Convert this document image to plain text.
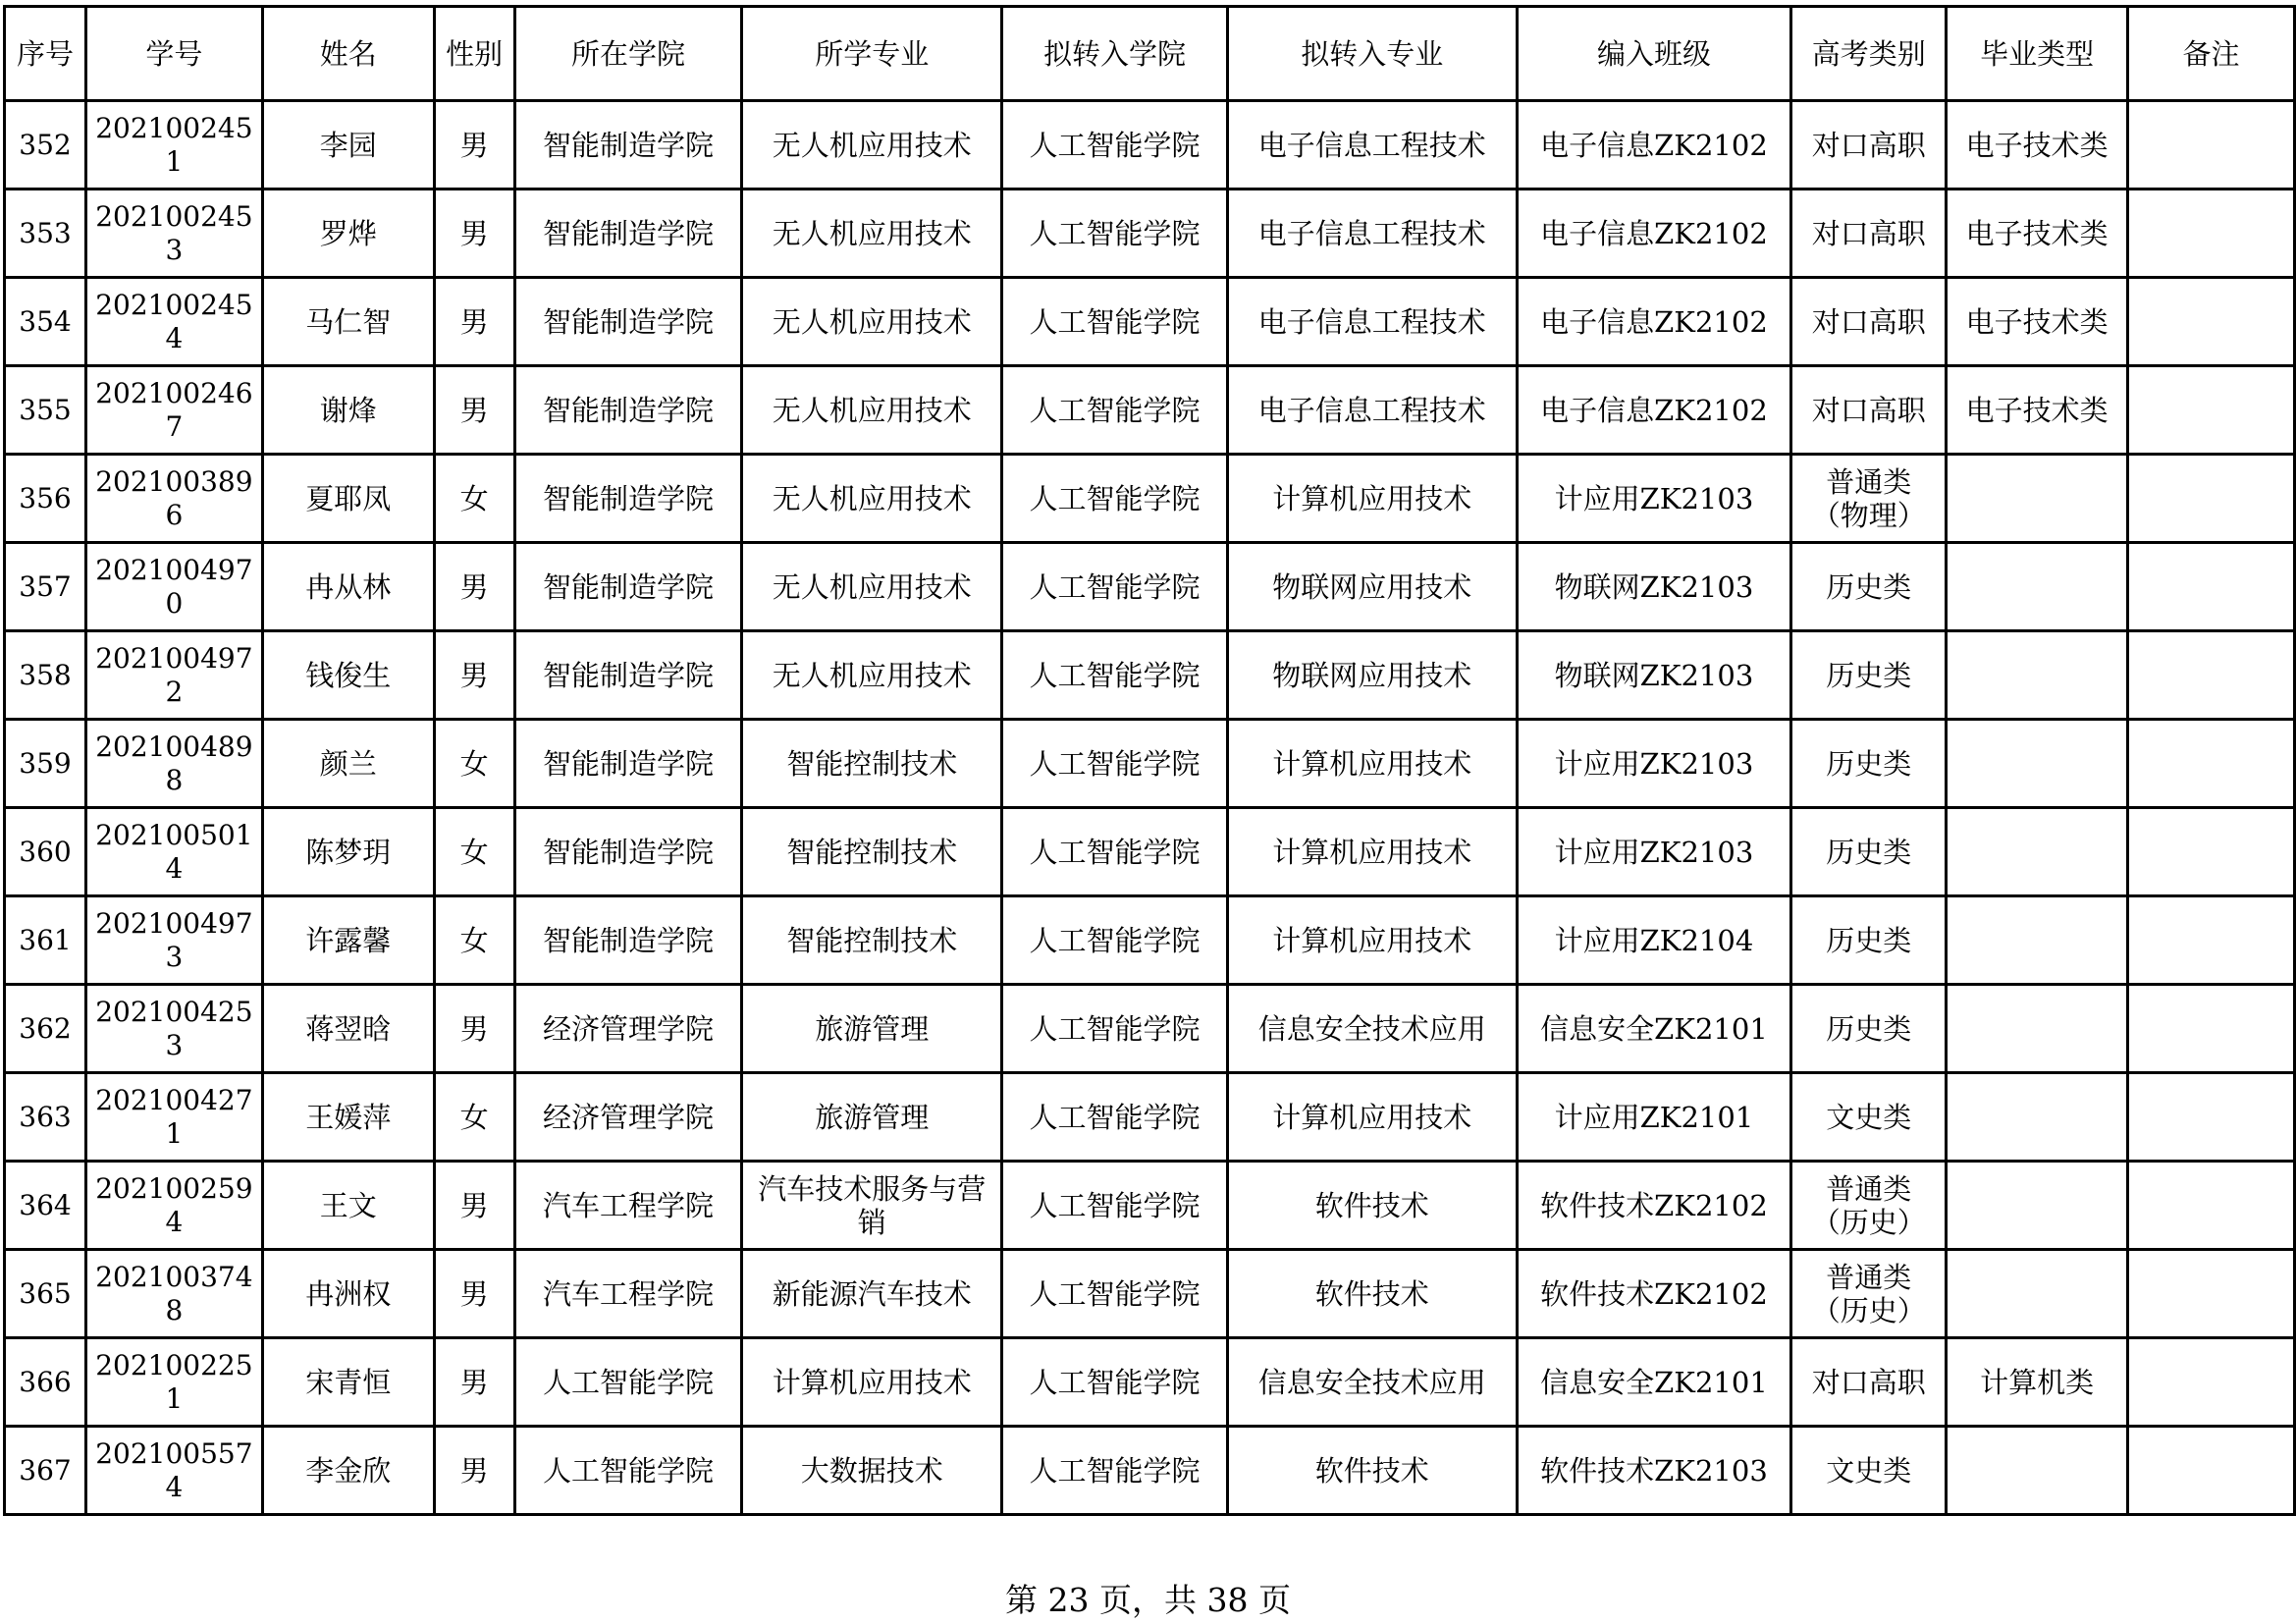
序号	学号	姓名	性别	所在学院	所学专业	拟转入学院	拟转入专业	编入班级	高考类别	毕业类型	备注
352	2021002451	李园	男	智能制造学院	无人机应用技术	人工智能学院	电子信息工程技术	电子信息ZK2102	对口高职	电子技术类	
353	2021002453	罗烨	男	智能制造学院	无人机应用技术	人工智能学院	电子信息工程技术	电子信息ZK2102	对口高职	电子技术类	
354	2021002454	马仁智	男	智能制造学院	无人机应用技术	人工智能学院	电子信息工程技术	电子信息ZK2102	对口高职	电子技术类	
355	2021002467	谢烽	男	智能制造学院	无人机应用技术	人工智能学院	电子信息工程技术	电子信息ZK2102	对口高职	电子技术类	
356	2021003896	夏耶凤	女	智能制造学院	无人机应用技术	人工智能学院	计算机应用技术	计应用ZK2103	普通类（物理）		
357	2021004970	冉从林	男	智能制造学院	无人机应用技术	人工智能学院	物联网应用技术	物联网ZK2103	历史类		
358	2021004972	钱俊生	男	智能制造学院	无人机应用技术	人工智能学院	物联网应用技术	物联网ZK2103	历史类		
359	2021004898	颜兰	女	智能制造学院	智能控制技术	人工智能学院	计算机应用技术	计应用ZK2103	历史类		
360	2021005014	陈梦玥	女	智能制造学院	智能控制技术	人工智能学院	计算机应用技术	计应用ZK2103	历史类		
361	2021004973	许露馨	女	智能制造学院	智能控制技术	人工智能学院	计算机应用技术	计应用ZK2104	历史类		
362	2021004253	蒋翌晗	男	经济管理学院	旅游管理	人工智能学院	信息安全技术应用	信息安全ZK2101	历史类		
363	2021004271	王媛萍	女	经济管理学院	旅游管理	人工智能学院	计算机应用技术	计应用ZK2101	文史类		
364	2021002594	王文	男	汽车工程学院	汽车技术服务与营销	人工智能学院	软件技术	软件技术ZK2102	普通类（历史）		
365	2021003748	冉洲权	男	汽车工程学院	新能源汽车技术	人工智能学院	软件技术	软件技术ZK2102	普通类（历史）		
366	2021002251	宋青恒	男	人工智能学院	计算机应用技术	人工智能学院	信息安全技术应用	信息安全ZK2101	对口高职	计算机类	
367	2021005574	李金欣	男	人工智能学院	大数据技术	人工智能学院	软件技术	软件技术ZK2103	文史类		
第 23 页，共 38 页
